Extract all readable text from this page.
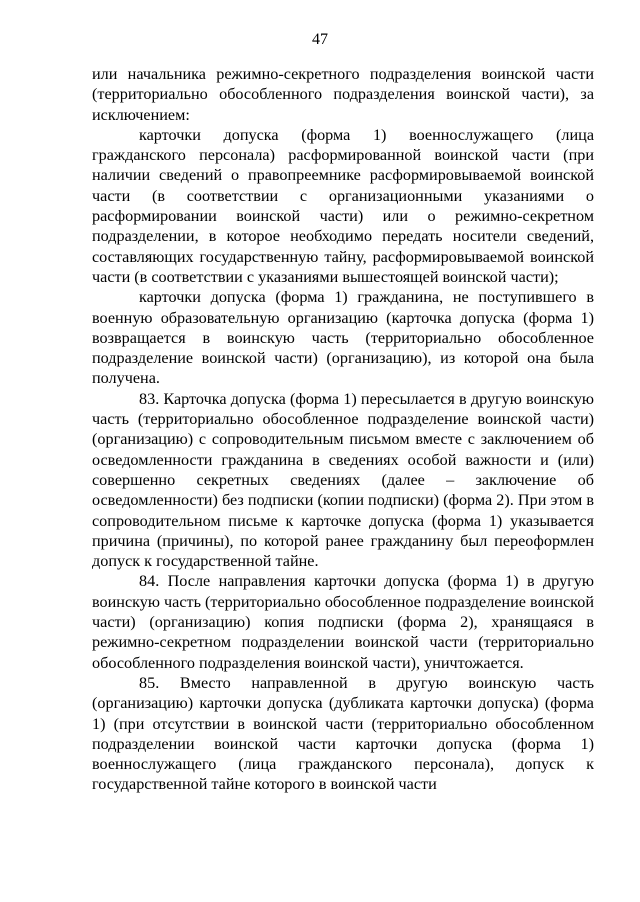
47

или начальника режимно-секретного подразделения воинской части (территориально обособленного подразделения воинской части), за исключением:

карточки допуска (форма 1) военнослужащего (лица гражданского персонала) расформированной воинской части (при наличии сведений о правопреемнике расформировываемой воинской части (в соответствии с организационными указаниями о расформировании воинской части) или о режимно-секретном подразделении, в которое необходимо передать носители сведений, составляющих государственную тайну, расформировываемой воинской части (в соответствии с указаниями вышестоящей воинской части);

карточки допуска (форма 1) гражданина, не поступившего в военную образовательную организацию (карточка допуска (форма 1) возвращается в воинскую часть (территориально обособленное подразделение воинской части) (организацию), из которой она была получена.

83. Карточка допуска (форма 1) пересылается в другую воинскую часть (территориально обособленное подразделение воинской части) (организацию) с сопроводительным письмом вместе с заключением об осведомленности гражданина в сведениях особой важности и (или) совершенно секретных сведениях (далее – заключение об осведомленности) без подписки (копии подписки) (форма 2). При этом в сопроводительном письме к карточке допуска (форма 1) указывается причина (причины), по которой ранее гражданину был переоформлен допуск к государственной тайне.

84. После направления карточки допуска (форма 1) в другую воинскую часть (территориально обособленное подразделение воинской части) (организацию) копия подписки (форма 2), хранящаяся в режимно-секретном подразделении воинской части (территориально обособленного подразделения воинской части), уничтожается.

85. Вместо направленной в другую воинскую часть (организацию) карточки допуска (дубликата карточки допуска) (форма 1) (при отсутствии в воинской части (территориально обособленном подразделении воинской части карточки допуска (форма 1) военнослужащего (лица гражданского персонала), допуск к государственной тайне которого в воинской части
